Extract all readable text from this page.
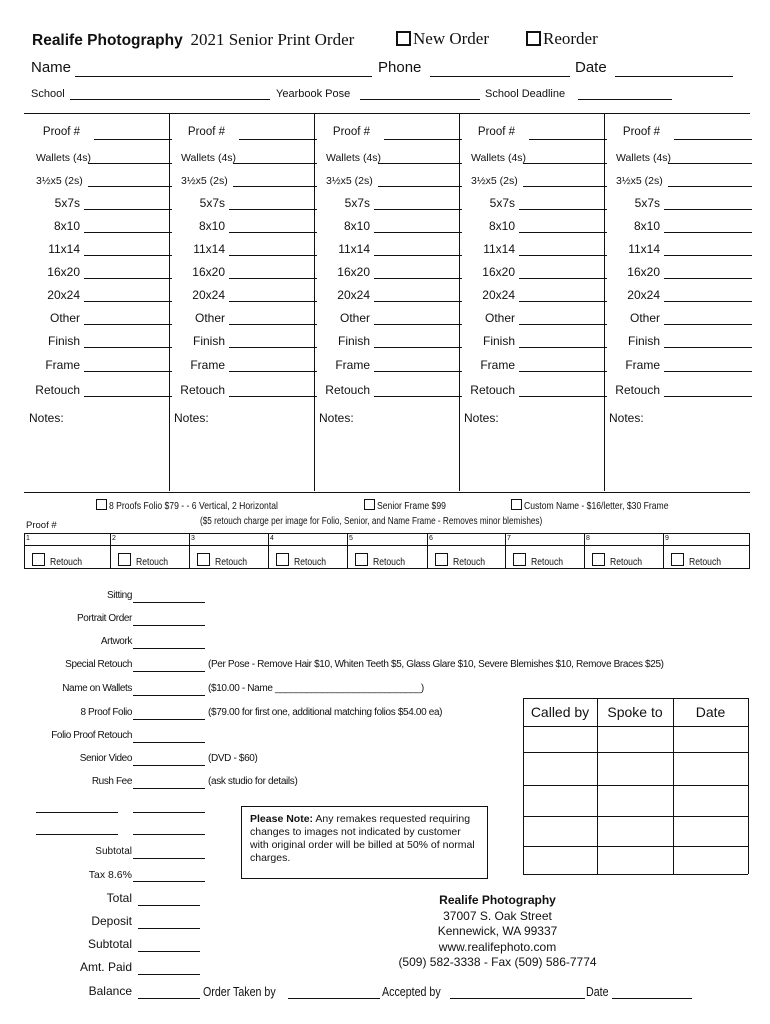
Realife Photography 2021 Senior Print Order	New Order	Reorder
Name	Phone	Date
School	Yearbook Pose	School Deadline
Proof #
Wallets (4s)
3½x5 (2s)
5x7s
8x10
11x14
16x20
20x24
Other
Finish
Frame
Retouch
Notes:
Proof #
Wallets (4s)
3½x5 (2s)
5x7s
8x10
11x14
16x20
20x24
Other
Finish
Frame
Retouch
Notes:
Proof #
Wallets (4s)
3½x5 (2s)
5x7s
8x10
11x14
16x20
20x24
Other
Finish
Frame
Retouch
Notes:
Proof #
Wallets (4s)
3½x5 (2s)
5x7s
8x10
11x14
16x20
20x24
Other
Finish
Frame
Retouch
Notes:
Proof #
Wallets (4s)
3½x5 (2s)
5x7s
8x10
11x14
16x20
20x24
Other
Finish
Frame
Retouch
Notes:
8 Proofs Folio $79 - - 6 Vertical, 2 Horizontal	Senior Frame $99	Custom Name - $16/letter, $30 Frame
($5 retouch charge per image for Folio, Senior, and Name Frame - Removes minor blemishes)
Proof #
1
Retouch
2
Retouch
3
Retouch
4
Retouch
5
Retouch
6
Retouch
7
Retouch
8
Retouch
9
Retouch
Sitting
Portrait Order
Artwork
Special Retouch	(Per Pose - Remove Hair $10, Whiten Teeth $5, Glass Glare $10, Severe Blemishes $10, Remove Braces $25)
Name on Wallets	($10.00 - Name ____________________________)
8 Proof Folio	($79.00 for first one, additional matching folios $54.00 ea)
Folio Proof Retouch
Senior Video	(DVD - $60)
Rush Fee	(ask studio for details)
Subtotal
Tax 8.6%
Total
Deposit
Subtotal
Amt. Paid
Balance	Order Taken by	Accepted by	Date
Called by	Spoke to	Date
Please Note: Any remakes requested requiring changes to images not indicated by customer with original order will be billed at 50% of normal charges.
Realife Photography
37007 S. Oak Street
Kennewick, WA 99337
www.realifephoto.com
(509) 582-3338 - Fax (509) 586-7774
